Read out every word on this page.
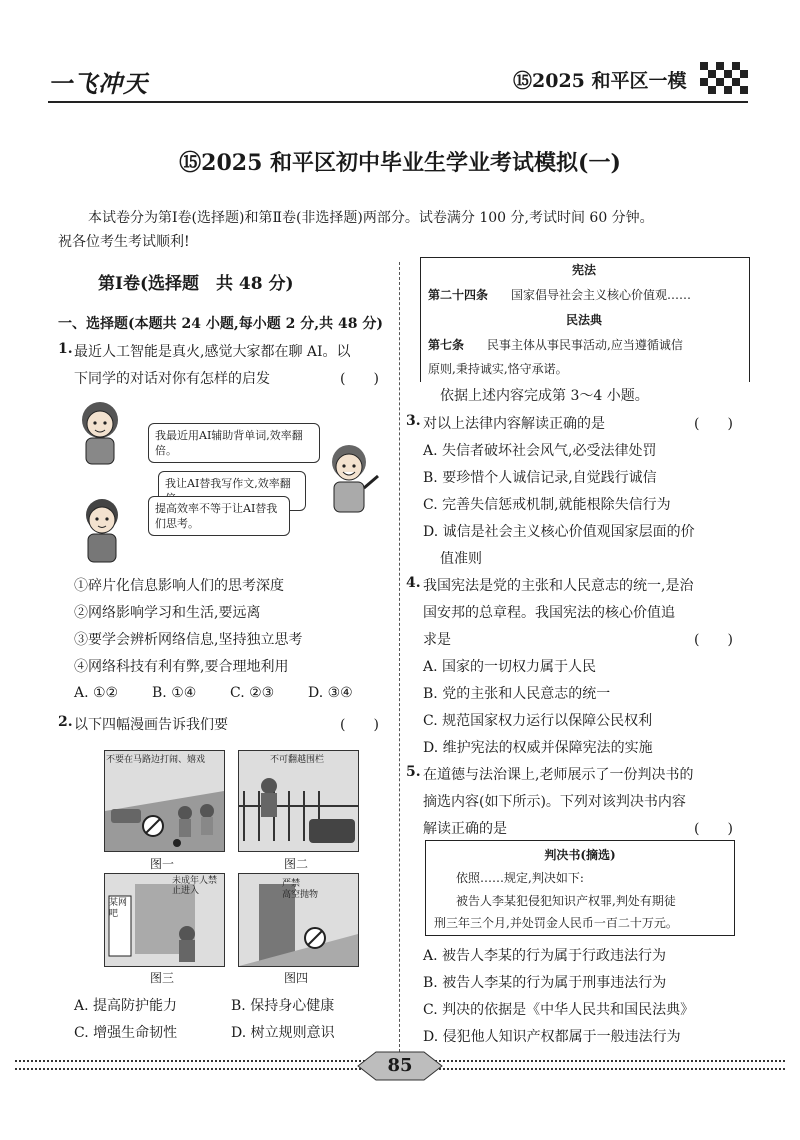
一飞冲天	⑮2025 和平区一模
⑮2025 和平区初中毕业生学业考试模拟(一)
本试卷分为第Ⅰ卷(选择题)和第Ⅱ卷(非选择题)两部分。试卷满分 100 分,考试时间 60 分钟。
祝各位考生考试顺利!
第Ⅰ卷(选择题　共 48 分)
一、选择题(本题共 24 小题,每小题 2 分,共 48 分)
1. 最近人工智能是真火,感觉大家都在聊 AI。以
下同学的对话对你有怎样的启发	(　　)
我最近用AI辅助背单词,效率翻倍。
我让AI替我写作文,效率翻
提高效率不等于让AI替我们思考。
①碎片化信息影响人们的思考深度
②网络影响学习和生活,要远离
③要学会辨析网络信息,坚持独立思考
④网络科技有利有弊,要合理地利用
A. ①② B. ①④ C. ②③ D. ③④
2. 以下四幅漫画告诉我们要	(　　)
不要在马路边打闹、嬉戏	不可翻越围栏
图一	图二
未成年人禁止进入
某网吧
严禁
高空抛物
图三	图四
A. 提高防护能力	B. 保持身心健康
C. 增强生命韧性	D. 树立规则意识
宪法
第二十四条 国家倡导社会主义核心价值观……
民法典
第七条 民事主体从事民事活动,应当遵循诚信
原则,秉持诚实,恪守承诺。
依据上述内容完成第 3～4 小题。
3. 对以上法律内容解读正确的是	(　　)
A. 失信者破坏社会风气,必受法律处罚
B. 要珍惜个人诚信记录,自觉践行诚信
C. 完善失信惩戒机制,就能根除失信行为
D. 诚信是社会主义核心价值观国家层面的价
值准则
4. 我国宪法是党的主张和人民意志的统一,是治
国安邦的总章程。我国宪法的核心价值追
求是	(　　)
A. 国家的一切权力属于人民
B. 党的主张和人民意志的统一
C. 规范国家权力运行以保障公民权利
D. 维护宪法的权威并保障宪法的实施
5. 在道德与法治课上,老师展示了一份判决书的
摘选内容(如下所示)。下列对该判决书内容
解读正确的是	(　　)
判决书(摘选)
依照……规定,判决如下:
被告人李某犯侵犯知识产权罪,判处有期徒
刑三年三个月,并处罚金人民币一百二十万元。
A. 被告人李某的行为属于行政违法行为
B. 被告人李某的行为属于刑事违法行为
C. 判决的依据是《中华人民共和国民法典》
D. 侵犯他人知识产权都属于一般违法行为
85
